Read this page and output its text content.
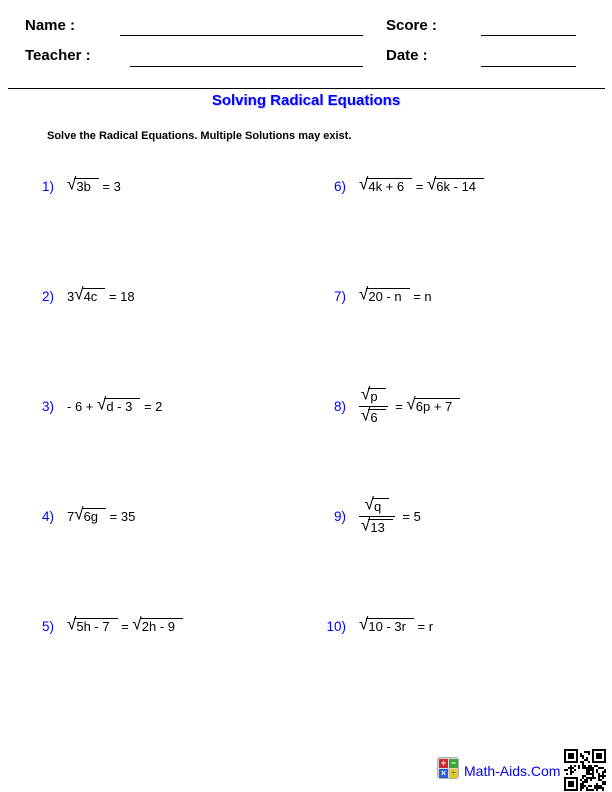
Name :	Score :
Teacher :	Date :
Solving Radical Equations
Solve the Radical Equations. Multiple Solutions may exist.
1) √ 3b = 3
2) 3 √ 4c = 18
3) - 6 + √ d - 3 = 2
4) 7 √ 6g = 35
5) √ 5h - 7 = √ 2h - 9
6) √ 4k + 6 = √ 6k - 14
7) √ 20 - n = n
$8) \frac{√ p}{√ 6}$ = √ 6p + 7
$9) \frac{√ q}{√ 13} = 5$
10) √ 10 - 3r = r
+ −
× ÷ Math-Aids.Com
